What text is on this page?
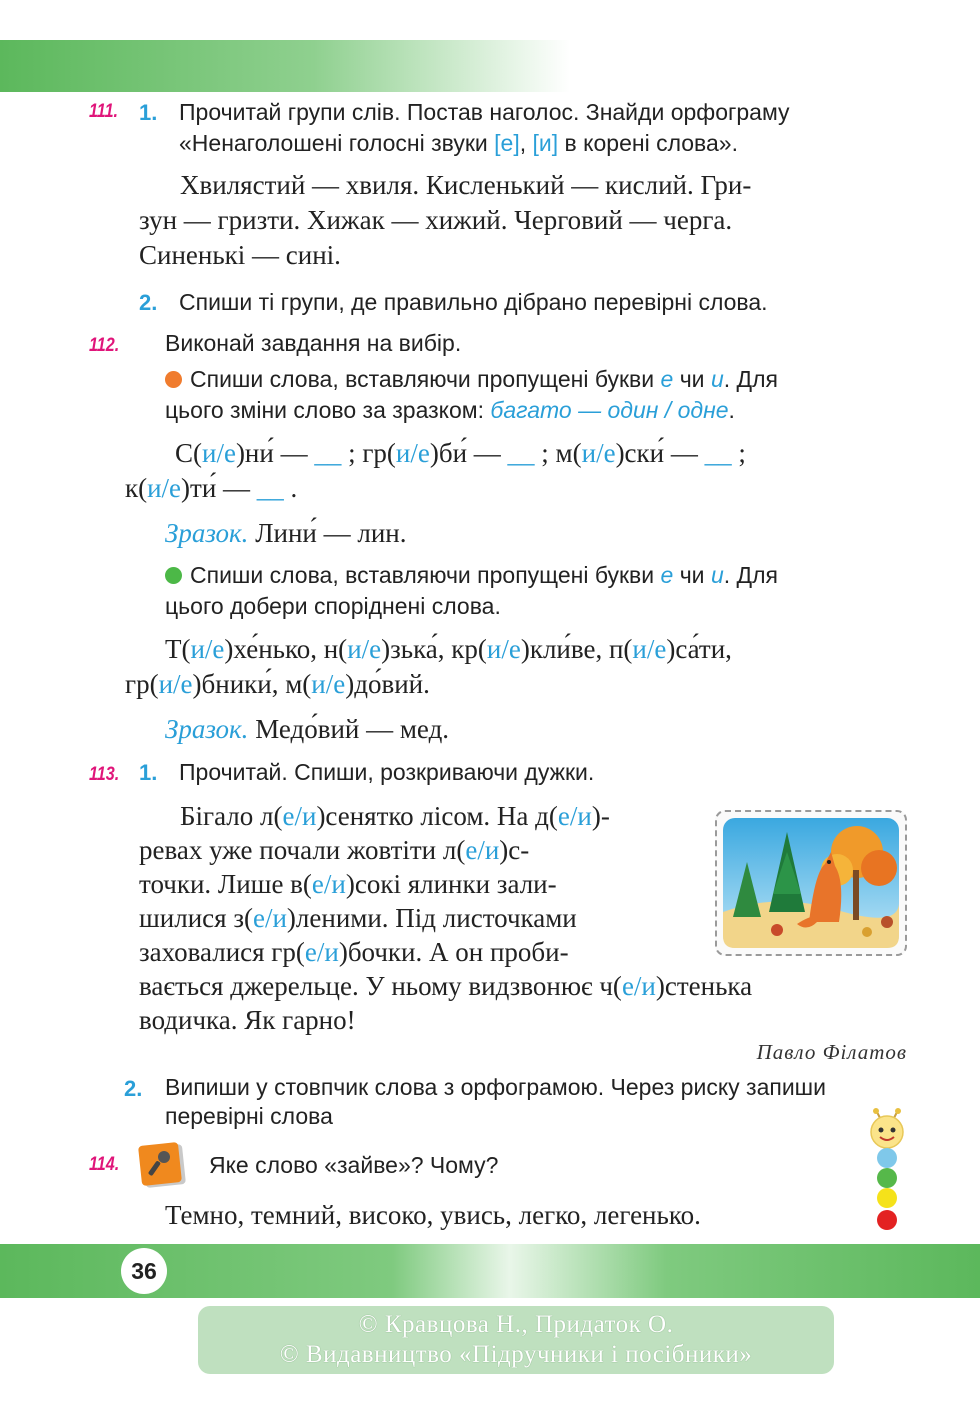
111. 1. Прочитай групи слів. Постав наголос. Знайди орфограму
«Ненаголошені голосні звуки [е], [и] в корені слова».
Хвилястий — хвиля. Кисленький — кислий. Гри-
зун — гризти. Хижак — хижий. Черговий — черга.
Синенькі — сині.
2. Спиши ті групи, де правильно дібрано перевірні слова.
112. Виконай завдання на вибір.
Спиши слова, вставляючи пропущені букви е чи и. Для
цього зміни слово за зразком: багато — один / одне.
С(и/е)ни́ — __ ; гр(и/е)би́ — __ ; м(и/е)ски́ — __ ;
к(и/е)ти́ — __ .
Зразок. Лини́ — лин.
Спиши слова, вставляючи пропущені букви е чи и. Для
цього добери споріднені слова.
Т(и/е)хе́нько, н(и/е)зька́, кр(и/е)кли́ве, п(и/е)са́ти,
гр(и/е)бники́, м(и/е)до́вий.
Зразок. Медо́вий — мед.
113. 1. Прочитай. Спиши, розкриваючи дужки.
Бігало л(е/и)сенятко лісом. На д(е/и)-
ревах уже почали жовтіти л(е/и)с-
точки. Лише в(е/и)сокі ялинки зали-
шилися з(е/и)леними. Під листочками
заховалися гр(е/и)бочки. А он проби-
вається джерельце. У ньому видзвонює ч(е/и)стенька
водичка. Як гарно!
Павло Філатов
2. Випиши у стовпчик слова з орфограмою. Через риску запиши
перевірні слова
114.	Яке слово «зайве»? Чому?
Темно, темний, високо, увись, легко, легенько.
36
© Кравцова Н., Придаток О.
© Видавництво «Підручники і посібники»
